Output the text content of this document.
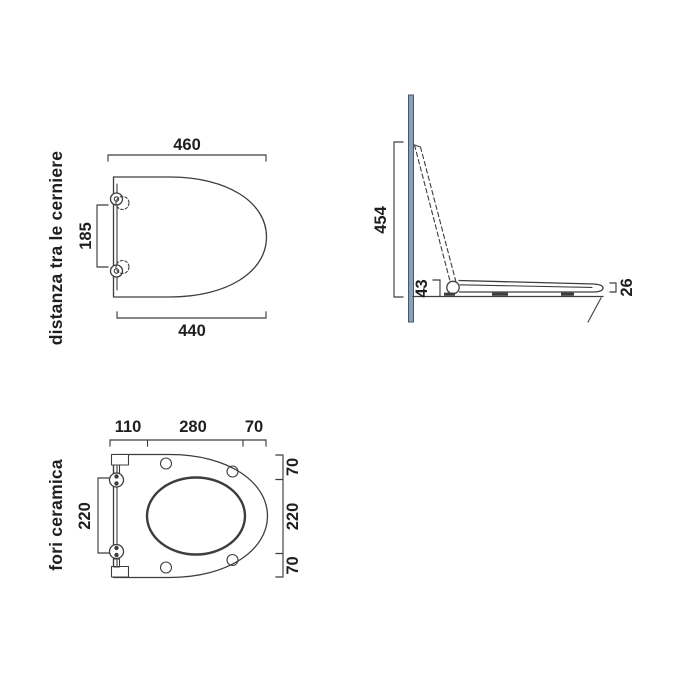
distanza tra le cerniere
460
185
440
454
43	26
fori ceramica
110 280 70
220
70
220
70
